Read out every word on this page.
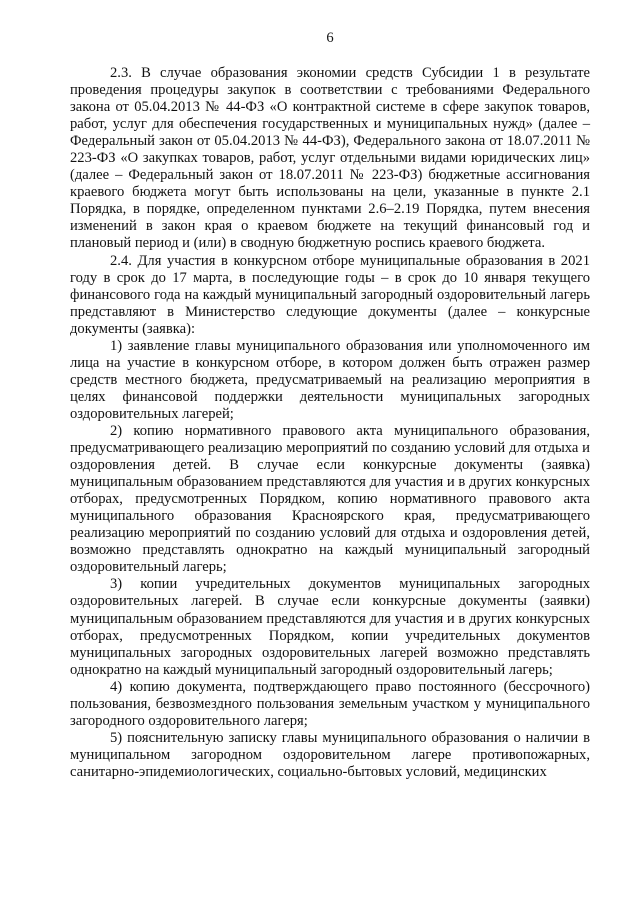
6

2.3. В случае образования экономии средств Субсидии 1 в результате проведения процедуры закупок в соответствии с требованиями Федерального закона от 05.04.2013 № 44-ФЗ «О контрактной системе в сфере закупок товаров, работ, услуг для обеспечения государственных и муниципальных нужд» (далее – Федеральный закон от 05.04.2013 № 44-ФЗ), Федерального закона от 18.07.2011 № 223-ФЗ «О закупках товаров, работ, услуг отдельными видами юридических лиц» (далее – Федеральный закон от 18.07.2011 № 223-ФЗ) бюджетные ассигнования краевого бюджета могут быть использованы на цели, указанные в пункте 2.1 Порядка, в порядке, определенном пунктами 2.6–2.19 Порядка, путем внесения изменений в закон края о краевом бюджете на текущий финансовый год и плановый период и (или) в сводную бюджетную роспись краевого бюджета.

2.4. Для участия в конкурсном отборе муниципальные образования в 2021 году в срок до 17 марта, в последующие годы – в срок до 10 января текущего финансового года на каждый муниципальный загородный оздоровительный лагерь представляют в Министерство следующие документы (далее – конкурсные документы (заявка):

1) заявление главы муниципального образования или уполномоченного им лица на участие в конкурсном отборе, в котором должен быть отражен размер средств местного бюджета, предусматриваемый на реализацию мероприятия в целях финансовой поддержки деятельности муниципальных загородных оздоровительных лагерей;

2) копию нормативного правового акта муниципального образования, предусматривающего реализацию мероприятий по созданию условий для отдыха и оздоровления детей. В случае если конкурсные документы (заявка) муниципальным образованием представляются для участия и в других конкурсных отборах, предусмотренных Порядком, копию нормативного правового акта муниципального образования Красноярского края, предусматривающего реализацию мероприятий по созданию условий для отдыха и оздоровления детей, возможно представлять однократно на каждый муниципальный загородный оздоровительный лагерь;

3) копии учредительных документов муниципальных загородных оздоровительных лагерей. В случае если конкурсные документы (заявки) муниципальным образованием представляются для участия и в других конкурсных отборах, предусмотренных Порядком, копии учредительных документов муниципальных загородных оздоровительных лагерей возможно представлять однократно на каждый муниципальный загородный оздоровительный лагерь;

4) копию документа, подтверждающего право постоянного (бессрочного) пользования, безвозмездного пользования земельным участком у муниципального загородного оздоровительного лагеря;

5) пояснительную записку главы муниципального образования о наличии в муниципальном загородном оздоровительном лагере противопожарных, санитарно-эпидемиологических, социально-бытовых условий, медицинских
